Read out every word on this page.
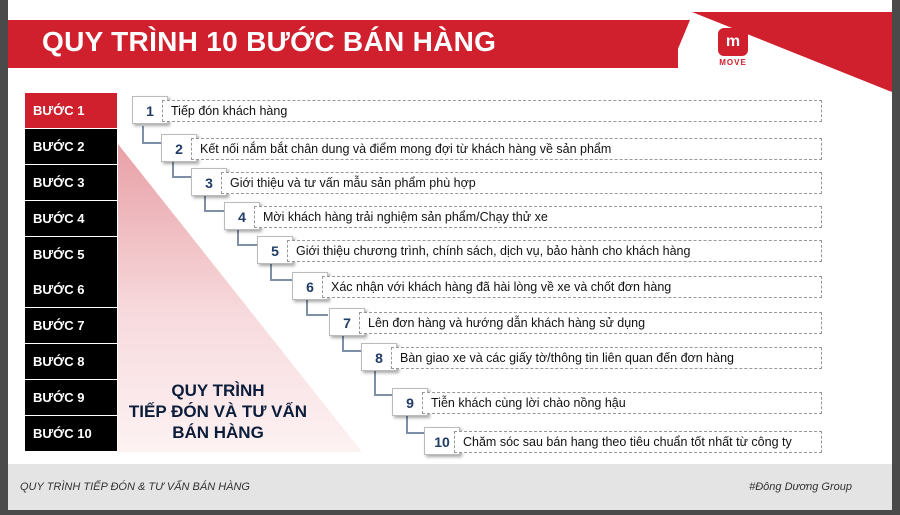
QUY TRÌNH 10 BƯỚC BÁN HÀNG	m
MOVE
BƯỚC 1
BƯỚC 2
BƯỚC 3
BƯỚC 4
BƯỚC 5
BƯỚC 6
BƯỚC 7
BƯỚC 8
BƯỚC 9
BƯỚC 10
QUY TRÌNH
TIẾP ĐÓN VÀ TƯ VẤN
BÁN HÀNG
1	Tiếp đón khách hàng
2	Kết nối nắm bắt chân dung và điểm mong đợi từ khách hàng về sản phẩm
3	Giới thiệu và tư vấn mẫu sản phẩm phù hợp
4	Mời khách hàng trải nghiệm sản phẩm/Chạy thử xe
5	Giới thiệu chương trình, chính sách, dịch vụ, bảo hành cho khách hàng
6	Xác nhận với khách hàng đã hài lòng về xe và chốt đơn hàng
7	Lên đơn hàng và hướng dẫn khách hàng sử dụng
8	Bàn giao xe và các giấy tờ/thông tin liên quan đến đơn hàng
9	Tiễn khách cùng lời chào nồng hậu
10	Chăm sóc sau bán hang theo tiêu chuẩn tốt nhất từ công ty
QUY TRÌNH TIẾP ĐÓN & TƯ VẤN BÁN HÀNG	#Đông Dương Group
